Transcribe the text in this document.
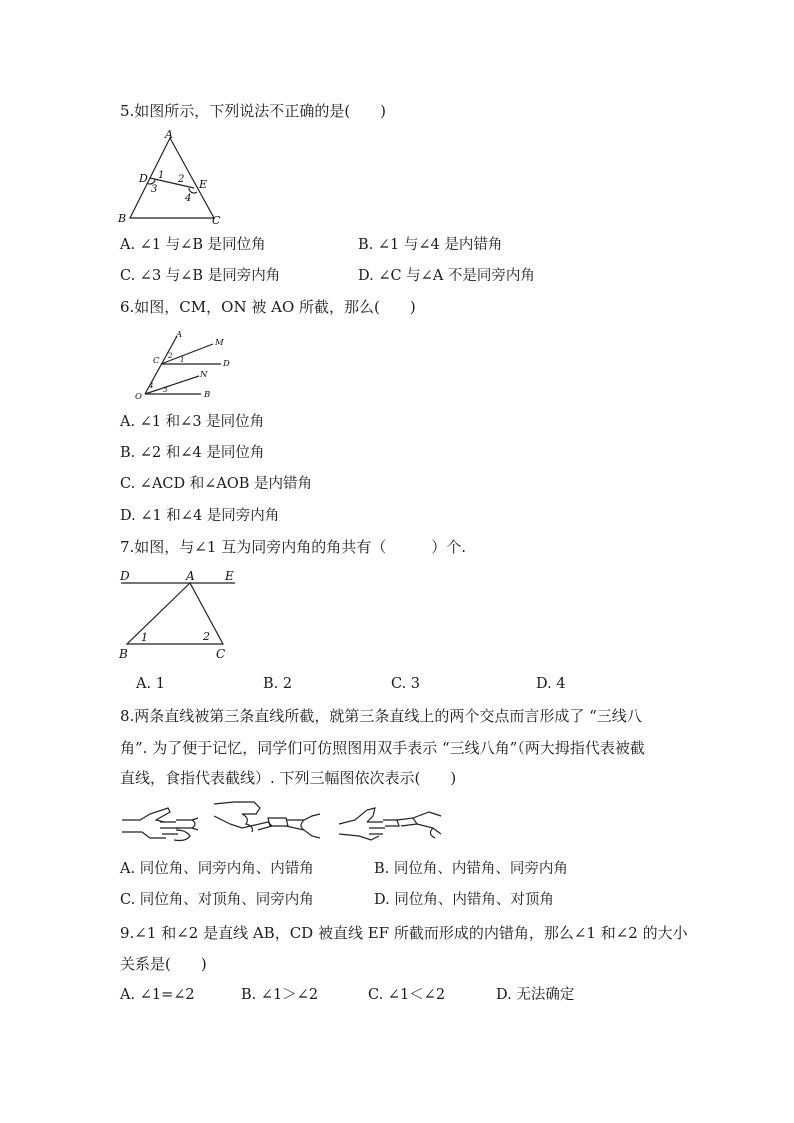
5.如图所示，下列说法不正确的是(　　)
A
D	E
B	C
1 2
3
4
A. ∠1 与∠B 是同位角	B. ∠1 与∠4 是内错角
C. ∠3 与∠B 是同旁内角	D. ∠C 与∠A 不是同旁内角
6.如图，CM，ON 被 AO 所截，那么(　　)
A
M
C	D
N
O	B
2 1
4 3
A. ∠1 和∠3 是同位角
B. ∠2 和∠4 是同位角
C. ∠ACD 和∠AOB 是内错角
D. ∠1 和∠4 是同旁内角
7.如图，与∠1 互为同旁内角的角共有（　　　）个.
D	A	E
B	C
1	2
A. 1	B. 2	C. 3	D. 4
8.两条直线被第三条直线所截，就第三条直线上的两个交点而言形成了 “三线八
角”. 为了便于记忆，同学们可仿照图用双手表示 “三线八角”（两大拇指代表被截
直线，食指代表截线）. 下列三幅图依次表示(　　)
A. 同位角、同旁内角、内错角	B. 同位角、内错角、同旁内角
C. 同位角、对顶角、同旁内角	D. 同位角、内错角、对顶角
9.∠1 和∠2 是直线 AB，CD 被直线 EF 所截而形成的内错角，那么∠1 和∠2 的大小
关系是(　　)
A. ∠1=∠2	B. ∠1＞∠2	C. ∠1＜∠2	D. 无法确定
